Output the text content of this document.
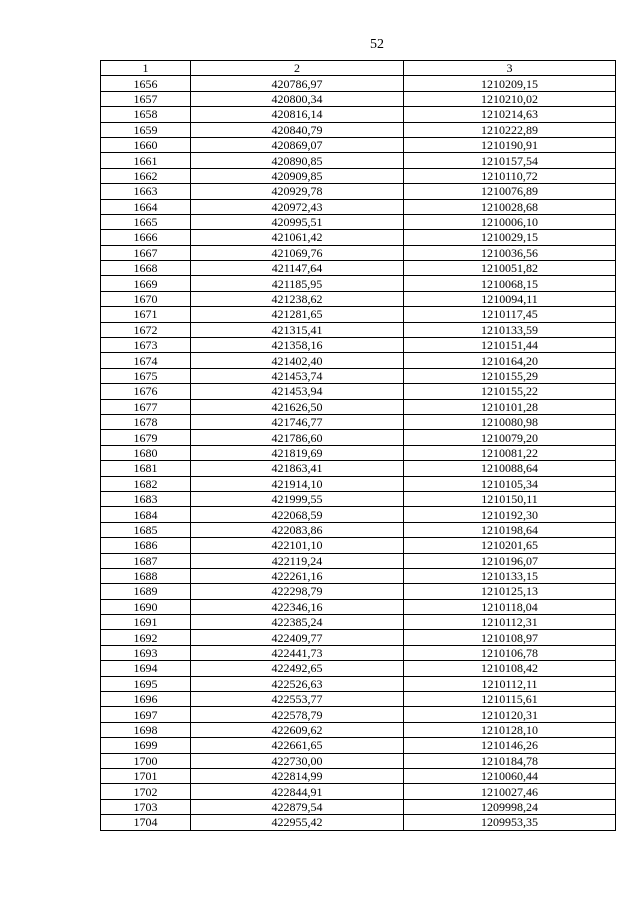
52
1	2	3
1656	420786,97	1210209,15
1657	420800,34	1210210,02
1658	420816,14	1210214,63
1659	420840,79	1210222,89
1660	420869,07	1210190,91
1661	420890,85	1210157,54
1662	420909,85	1210110,72
1663	420929,78	1210076,89
1664	420972,43	1210028,68
1665	420995,51	1210006,10
1666	421061,42	1210029,15
1667	421069,76	1210036,56
1668	421147,64	1210051,82
1669	421185,95	1210068,15
1670	421238,62	1210094,11
1671	421281,65	1210117,45
1672	421315,41	1210133,59
1673	421358,16	1210151,44
1674	421402,40	1210164,20
1675	421453,74	1210155,29
1676	421453,94	1210155,22
1677	421626,50	1210101,28
1678	421746,77	1210080,98
1679	421786,60	1210079,20
1680	421819,69	1210081,22
1681	421863,41	1210088,64
1682	421914,10	1210105,34
1683	421999,55	1210150,11
1684	422068,59	1210192,30
1685	422083,86	1210198,64
1686	422101,10	1210201,65
1687	422119,24	1210196,07
1688	422261,16	1210133,15
1689	422298,79	1210125,13
1690	422346,16	1210118,04
1691	422385,24	1210112,31
1692	422409,77	1210108,97
1693	422441,73	1210106,78
1694	422492,65	1210108,42
1695	422526,63	1210112,11
1696	422553,77	1210115,61
1697	422578,79	1210120,31
1698	422609,62	1210128,10
1699	422661,65	1210146,26
1700	422730,00	1210184,78
1701	422814,99	1210060,44
1702	422844,91	1210027,46
1703	422879,54	1209998,24
1704	422955,42	1209953,35
